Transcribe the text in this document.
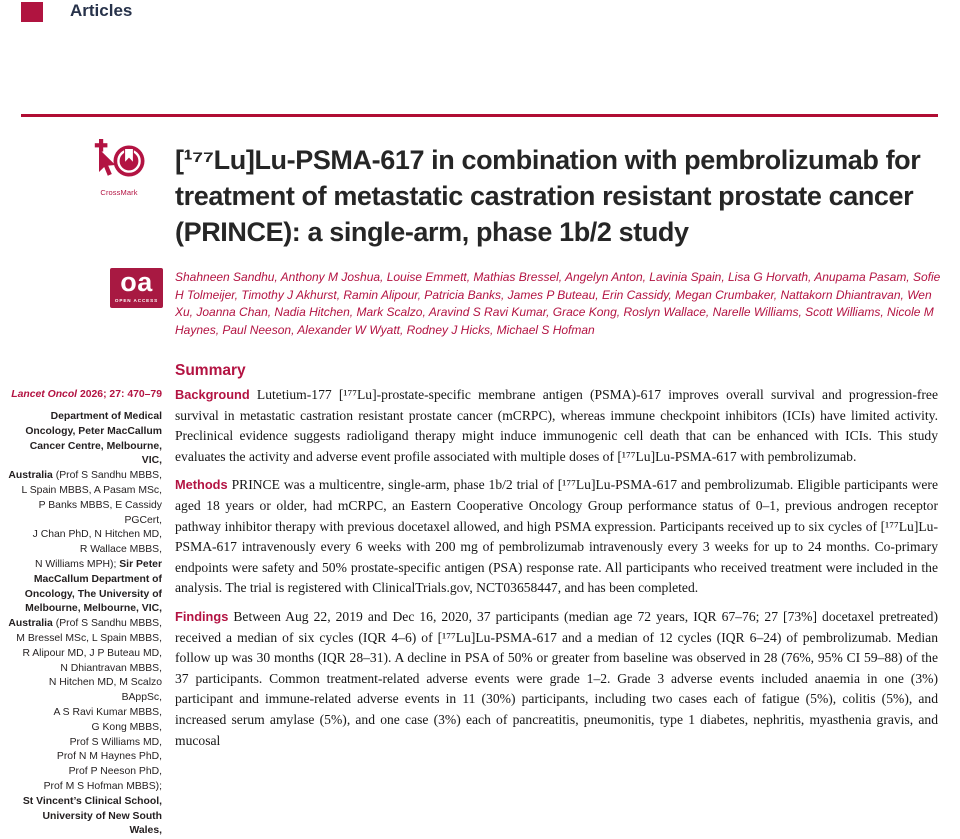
Articles
CrossMark
[¹⁷⁷Lu]Lu-PSMA-617 in combination with pembrolizumab for treatment of metastatic castration resistant prostate cancer (PRINCE): a single-arm, phase 1b/2 study
oa
OPEN ACCESS
Shahneen Sandhu, Anthony M Joshua, Louise Emmett, Mathias Bressel, Angelyn Anton, Lavinia Spain, Lisa G Horvath, Anupama Pasam, Sofie H Tolmeijer, Timothy J Akhurst, Ramin Alipour, Patricia Banks, James P Buteau, Erin Cassidy, Megan Crumbaker, Nattakorn Dhiantravan, Wen Xu, Joanna Chan, Nadia Hitchen, Mark Scalzo, Aravind S Ravi Kumar, Grace Kong, Roslyn Wallace, Narelle Williams, Scott Williams, Nicole M Haynes, Paul Neeson, Alexander W Wyatt, Rodney J Hicks, Michael S Hofman
Lancet Oncol 2026; 27: 470–79
Department of Medical
Oncology, Peter MacCallum
Cancer Centre, Melbourne, VIC,
Australia (Prof S Sandhu MBBS,
L Spain MBBS, A Pasam MSc,
P Banks MBBS, E Cassidy PGCert,
J Chan PhD, N Hitchen MD,
R Wallace MBBS,
N Williams MPH); Sir Peter
MacCallum Department of
Oncology, The University of
Melbourne, Melbourne, VIC,
Australia (Prof S Sandhu MBBS,
M Bressel MSc, L Spain MBBS,
R Alipour MD, J P Buteau MD,
N Dhiantravan MBBS,
N Hitchen MD, M Scalzo BAppSc,
A S Ravi Kumar MBBS,
G Kong MBBS,
Prof S Williams MD,
Prof N M Haynes PhD,
Prof P Neeson PhD,
Prof M S Hofman MBBS);
St Vincent’s Clinical School,
University of New South Wales,
Summary

Background Lutetium-177 [¹⁷⁷Lu]-prostate-specific membrane antigen (PSMA)-617 improves overall survival and progression-free survival in metastatic castration resistant prostate cancer (mCRPC), whereas immune checkpoint inhibitors (ICIs) have limited activity. Preclinical evidence suggests radioligand therapy might induce immunogenic cell death that can be enhanced with ICIs. This study evaluates the activity and adverse event profile associated with multiple doses of [¹⁷⁷Lu]Lu-PSMA-617 with pembrolizumab.

Methods PRINCE was a multicentre, single-arm, phase 1b/2 trial of [¹⁷⁷Lu]Lu-PSMA-617 and pembrolizumab. Eligible participants were aged 18 years or older, had mCRPC, an Eastern Cooperative Oncology Group performance status of 0–1, previous androgen receptor pathway inhibitor therapy with previous docetaxel allowed, and high PSMA expression. Participants received up to six cycles of [¹⁷⁷Lu]Lu-PSMA-617 intravenously every 6 weeks with 200 mg of pembrolizumab intravenously every 3 weeks for up to 24 months. Co-primary endpoints were safety and 50% prostate-specific antigen (PSA) response rate. All participants who received treatment were included in the analysis. The trial is registered with ClinicalTrials.gov, NCT03658447, and has been completed.

Findings Between Aug 22, 2019 and Dec 16, 2020, 37 participants (median age 72 years, IQR 67–76; 27 [73%] docetaxel pretreated) received a median of six cycles (IQR 4–6) of [¹⁷⁷Lu]Lu-PSMA-617 and a median of 12 cycles (IQR 6–24) of pembrolizumab. Median follow up was 30 months (IQR 28–31). A decline in PSA of 50% or greater from baseline was observed in 28 (76%, 95% CI 59–88) of the 37 participants. Common treatment-related adverse events were grade 1–2. Grade 3 adverse events included anaemia in one (3%) participant and immune-related adverse events in 11 (30%) participants, including two cases each of fatigue (5%), colitis (5%), and increased serum amylase (5%), and one case (3%) each of pancreatitis, pneumonitis, type 1 diabetes, nephritis, myasthenia gravis, and mucosal
